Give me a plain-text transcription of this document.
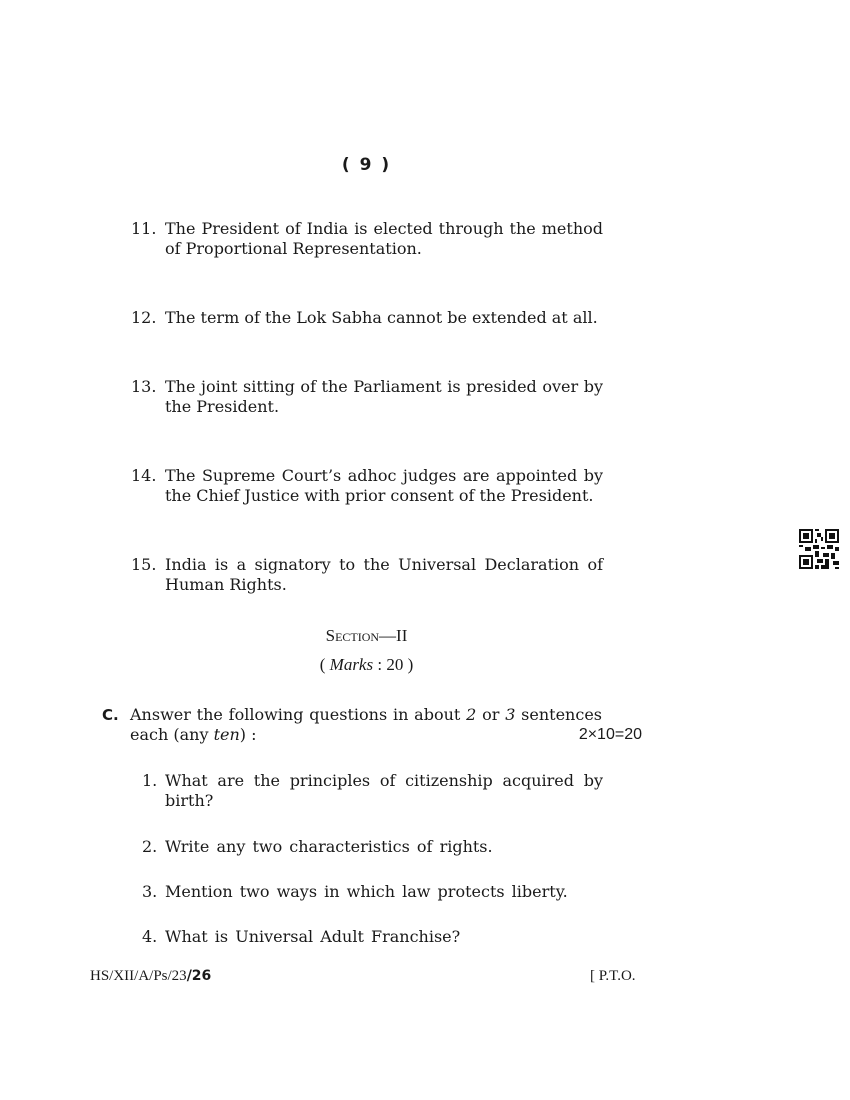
( 9 )
11. The President of India is elected through the method of Proportional Representation.
12. The term of the Lok Sabha cannot be extended at all.
13. The joint sitting of the Parliament is presided over by the President.
14. The Supreme Court’s adhoc judges are appointed by the Chief Justice with prior consent of the President.
15. India is a signatory to the Universal Declaration of Human Rights.
Section—II
( Marks : 20 )
C. Answer the following questions in about 2 or 3 sentences each (any ten) :	2×10=20
1. What are the principles of citizenship acquired by birth?
2. Write any two characteristics of rights.
3. Mention two ways in which law protects liberty.
4. What is Universal Adult Franchise?
HS/XII/A/Ps/23/26	[ P.T.O.
